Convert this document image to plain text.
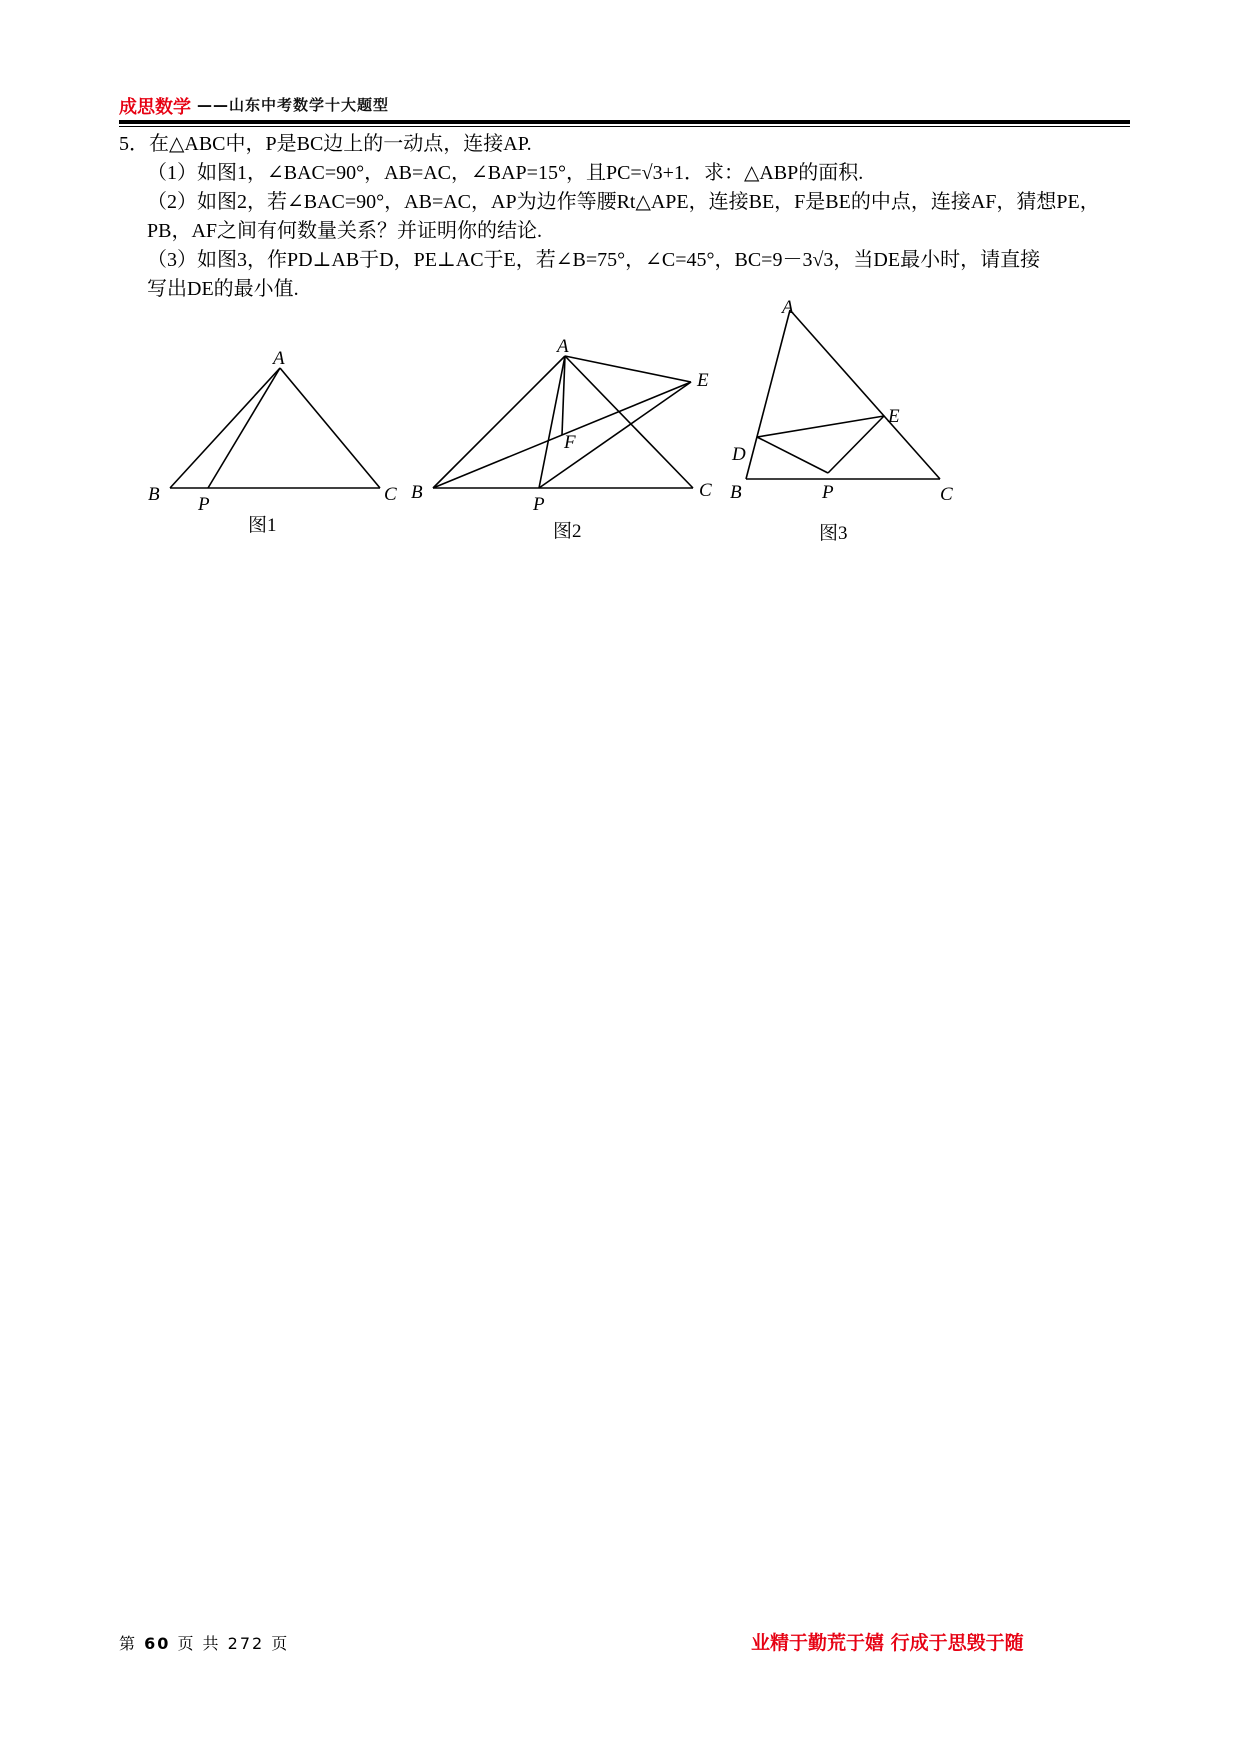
成思数学 ——山东中考数学十大题型

5．在△ABC中，P是BC边上的一动点，连接AP.

（1）如图1，∠BAC=90°，AB=AC，∠BAP=15°，且PC=√3+1．求：△ABP的面积.

（2）如图2，若∠BAC=90°，AB=AC，AP为边作等腰Rt△APE，连接BE，F是BE的中点，连接AF，猜想PE，

PB，AF之间有何数量关系？并证明你的结论.

（3）如图3，作PD⊥AB于D，PE⊥AC于E，若∠B=75°，∠C=45°，BC=9－3√3，当DE最小时，请直接

写出DE的最小值.

A
B	C
P
图1
A
B	C
P
E
F
图2
A
B	C
P
D
E
图3
第 60 页 共 272 页	业精于勤荒于嬉 行成于思毁于随
